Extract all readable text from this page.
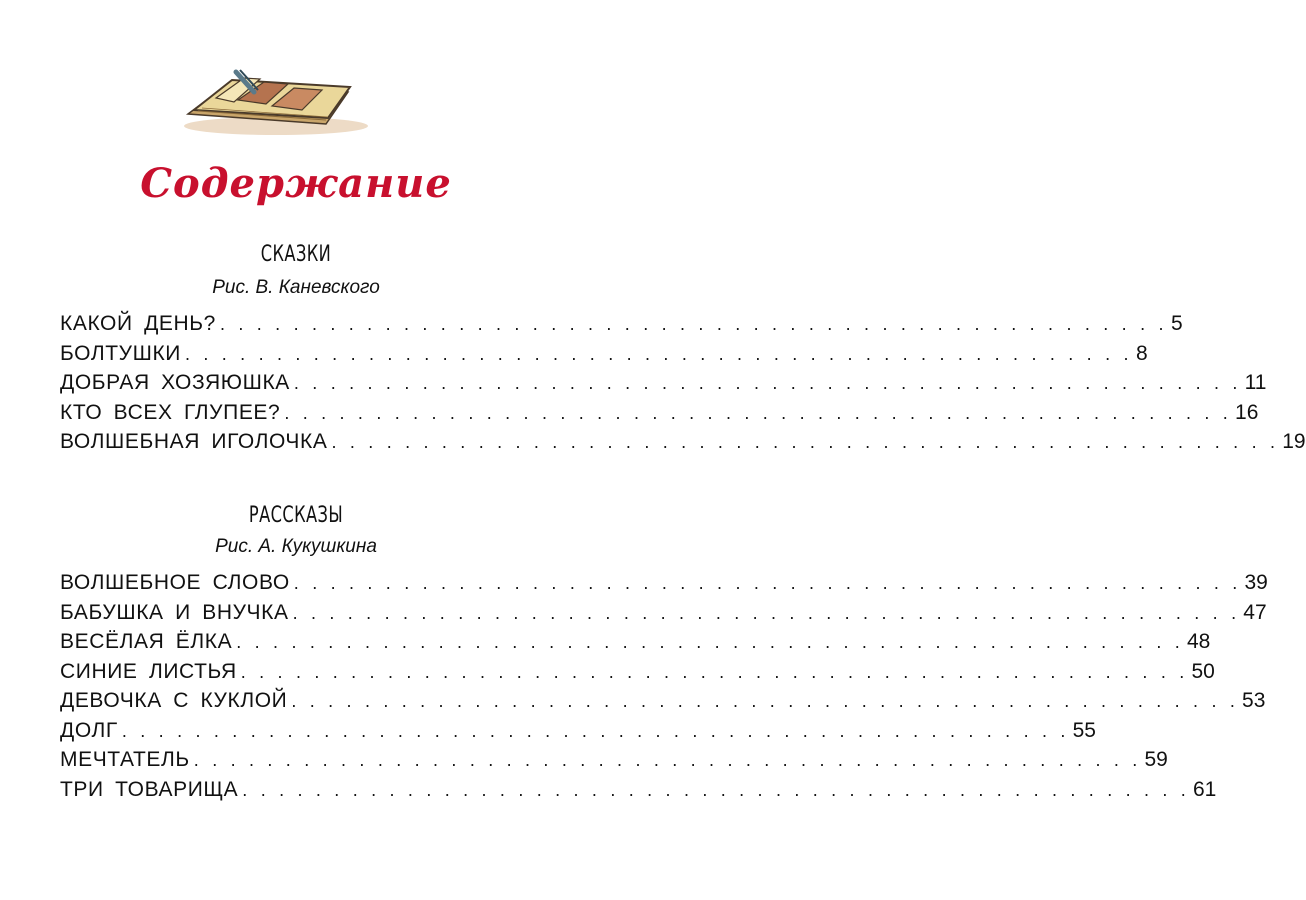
Содержание
СКАЗКИ
Рис. В. Каневского
КАКОЙ ДЕНЬ? . . . . . . . . . . . . . . . . . . . . . . . . . . . . . . . . . . . . . . . . . . . . . . . . . . . . 5
БОЛТУШКИ . . . . . . . . . . . . . . . . . . . . . . . . . . . . . . . . . . . . . . . . . . . . . . . . . . . . 8
ДОБРАЯ ХОЗЯЮШКА . . . . . . . . . . . . . . . . . . . . . . . . . . . . . . . . . . . . . . . . . . . . . . . . . . . . 11
КТО ВСЕХ ГЛУПЕЕ? . . . . . . . . . . . . . . . . . . . . . . . . . . . . . . . . . . . . . . . . . . . . . . . . . . . . 16
ВОЛШЕБНАЯ ИГОЛОЧКА . . . . . . . . . . . . . . . . . . . . . . . . . . . . . . . . . . . . . . . . . . . . . . . . . . . . 19
РАССКАЗЫ
Рис. А. Кукушкина
ВОЛШЕБНОЕ СЛОВО . . . . . . . . . . . . . . . . . . . . . . . . . . . . . . . . . . . . . . . . . . . . . . . . . . . . 39
БАБУШКА И ВНУЧКА . . . . . . . . . . . . . . . . . . . . . . . . . . . . . . . . . . . . . . . . . . . . . . . . . . . . 47
ВЕСЁЛАЯ ЁЛКА . . . . . . . . . . . . . . . . . . . . . . . . . . . . . . . . . . . . . . . . . . . . . . . . . . . . 48
СИНИЕ ЛИСТЬЯ . . . . . . . . . . . . . . . . . . . . . . . . . . . . . . . . . . . . . . . . . . . . . . . . . . . . 50
ДЕВОЧКА С КУКЛОЙ . . . . . . . . . . . . . . . . . . . . . . . . . . . . . . . . . . . . . . . . . . . . . . . . . . . . 53
ДОЛГ . . . . . . . . . . . . . . . . . . . . . . . . . . . . . . . . . . . . . . . . . . . . . . . . . . . . 55
МЕЧТАТЕЛЬ . . . . . . . . . . . . . . . . . . . . . . . . . . . . . . . . . . . . . . . . . . . . . . . . . . . . 59
ТРИ ТОВАРИЩА . . . . . . . . . . . . . . . . . . . . . . . . . . . . . . . . . . . . . . . . . . . . . . . . . . . . 61
